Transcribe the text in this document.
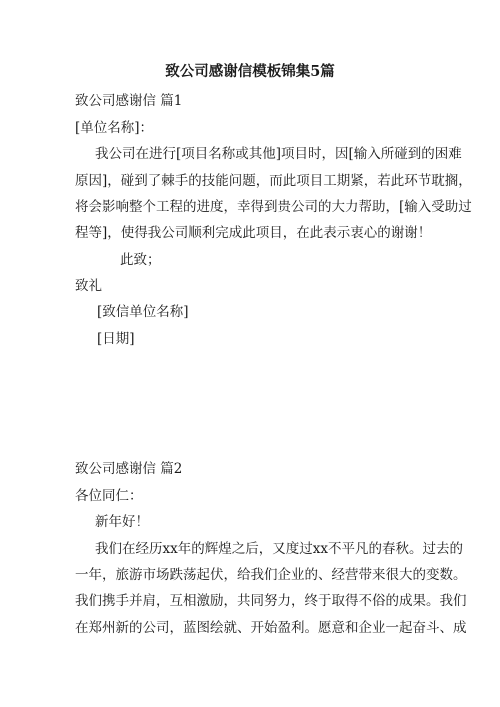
致公司感谢信模板锦集5篇
致公司感谢信 篇1
[单位名称]：
我公司在进行[项目名称或其他]项目时，因[输入所碰到的困难
原因]，碰到了棘手的技能问题，而此项目工期紧，若此环节耽搁，
将会影响整个工程的进度，幸得到贵公司的大力帮助，[输入受助过
程等]，使得我公司顺利完成此项目，在此表示衷心的谢谢！
此致；
致礼
[致信单位名称]
[日期]
致公司感谢信 篇2
各位同仁：
新年好！
我们在经历xx年的辉煌之后，又度过xx不平凡的春秋。过去的
一年，旅游市场跌荡起伏，给我们企业的、经营带来很大的变数。
我们携手并肩，互相激励，共同努力，终于取得不俗的成果。我们
在郑州新的公司，蓝图绘就、开始盈利。愿意和企业一起奋斗、成
